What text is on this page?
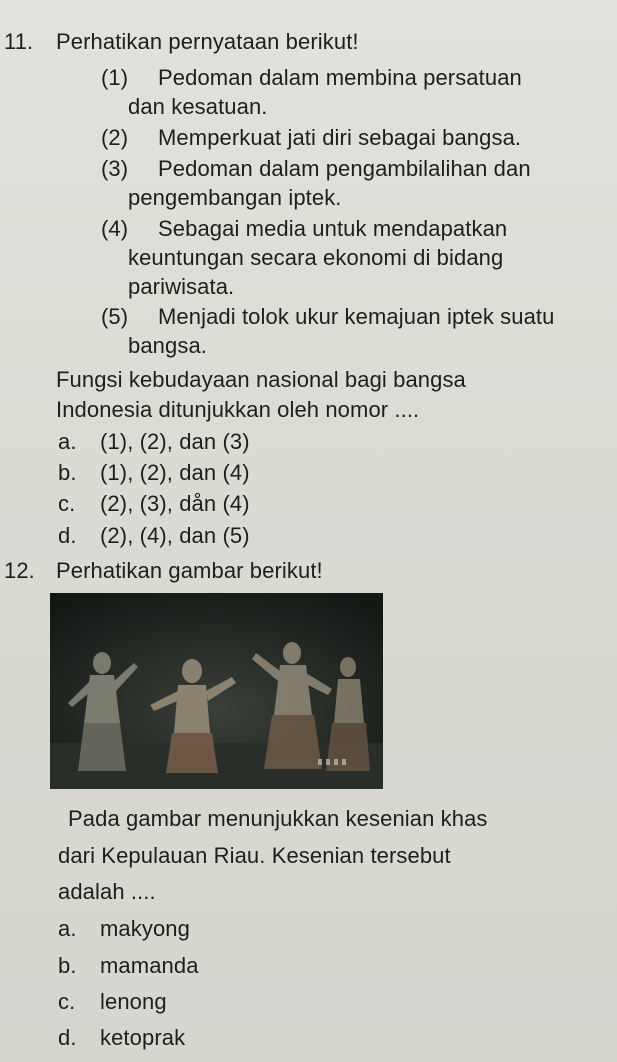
11. Perhatikan pernyataan berikut!
(1) Pedoman dalam membina persatuan
dan kesatuan.
(2) Memperkuat jati diri sebagai bangsa.
(3) Pedoman dalam pengambilalihan dan
pengembangan iptek.
(4) Sebagai media untuk mendapatkan
keuntungan secara ekonomi di bidang
pariwisata.
(5) Menjadi tolok ukur kemajuan iptek suatu
bangsa.
Fungsi kebudayaan nasional bagi bangsa
Indonesia ditunjukkan oleh nomor ....
a. (1), (2), dan (3)
b. (1), (2), dan (4)
c. (2), (3), dån (4)
d. (2), (4), dan (5)
12. Perhatikan gambar berikut!
Pada gambar menunjukkan kesenian khas
dari Kepulauan Riau. Kesenian tersebut
adalah ....
a. makyong
b. mamanda
c. lenong
d. ketoprak
